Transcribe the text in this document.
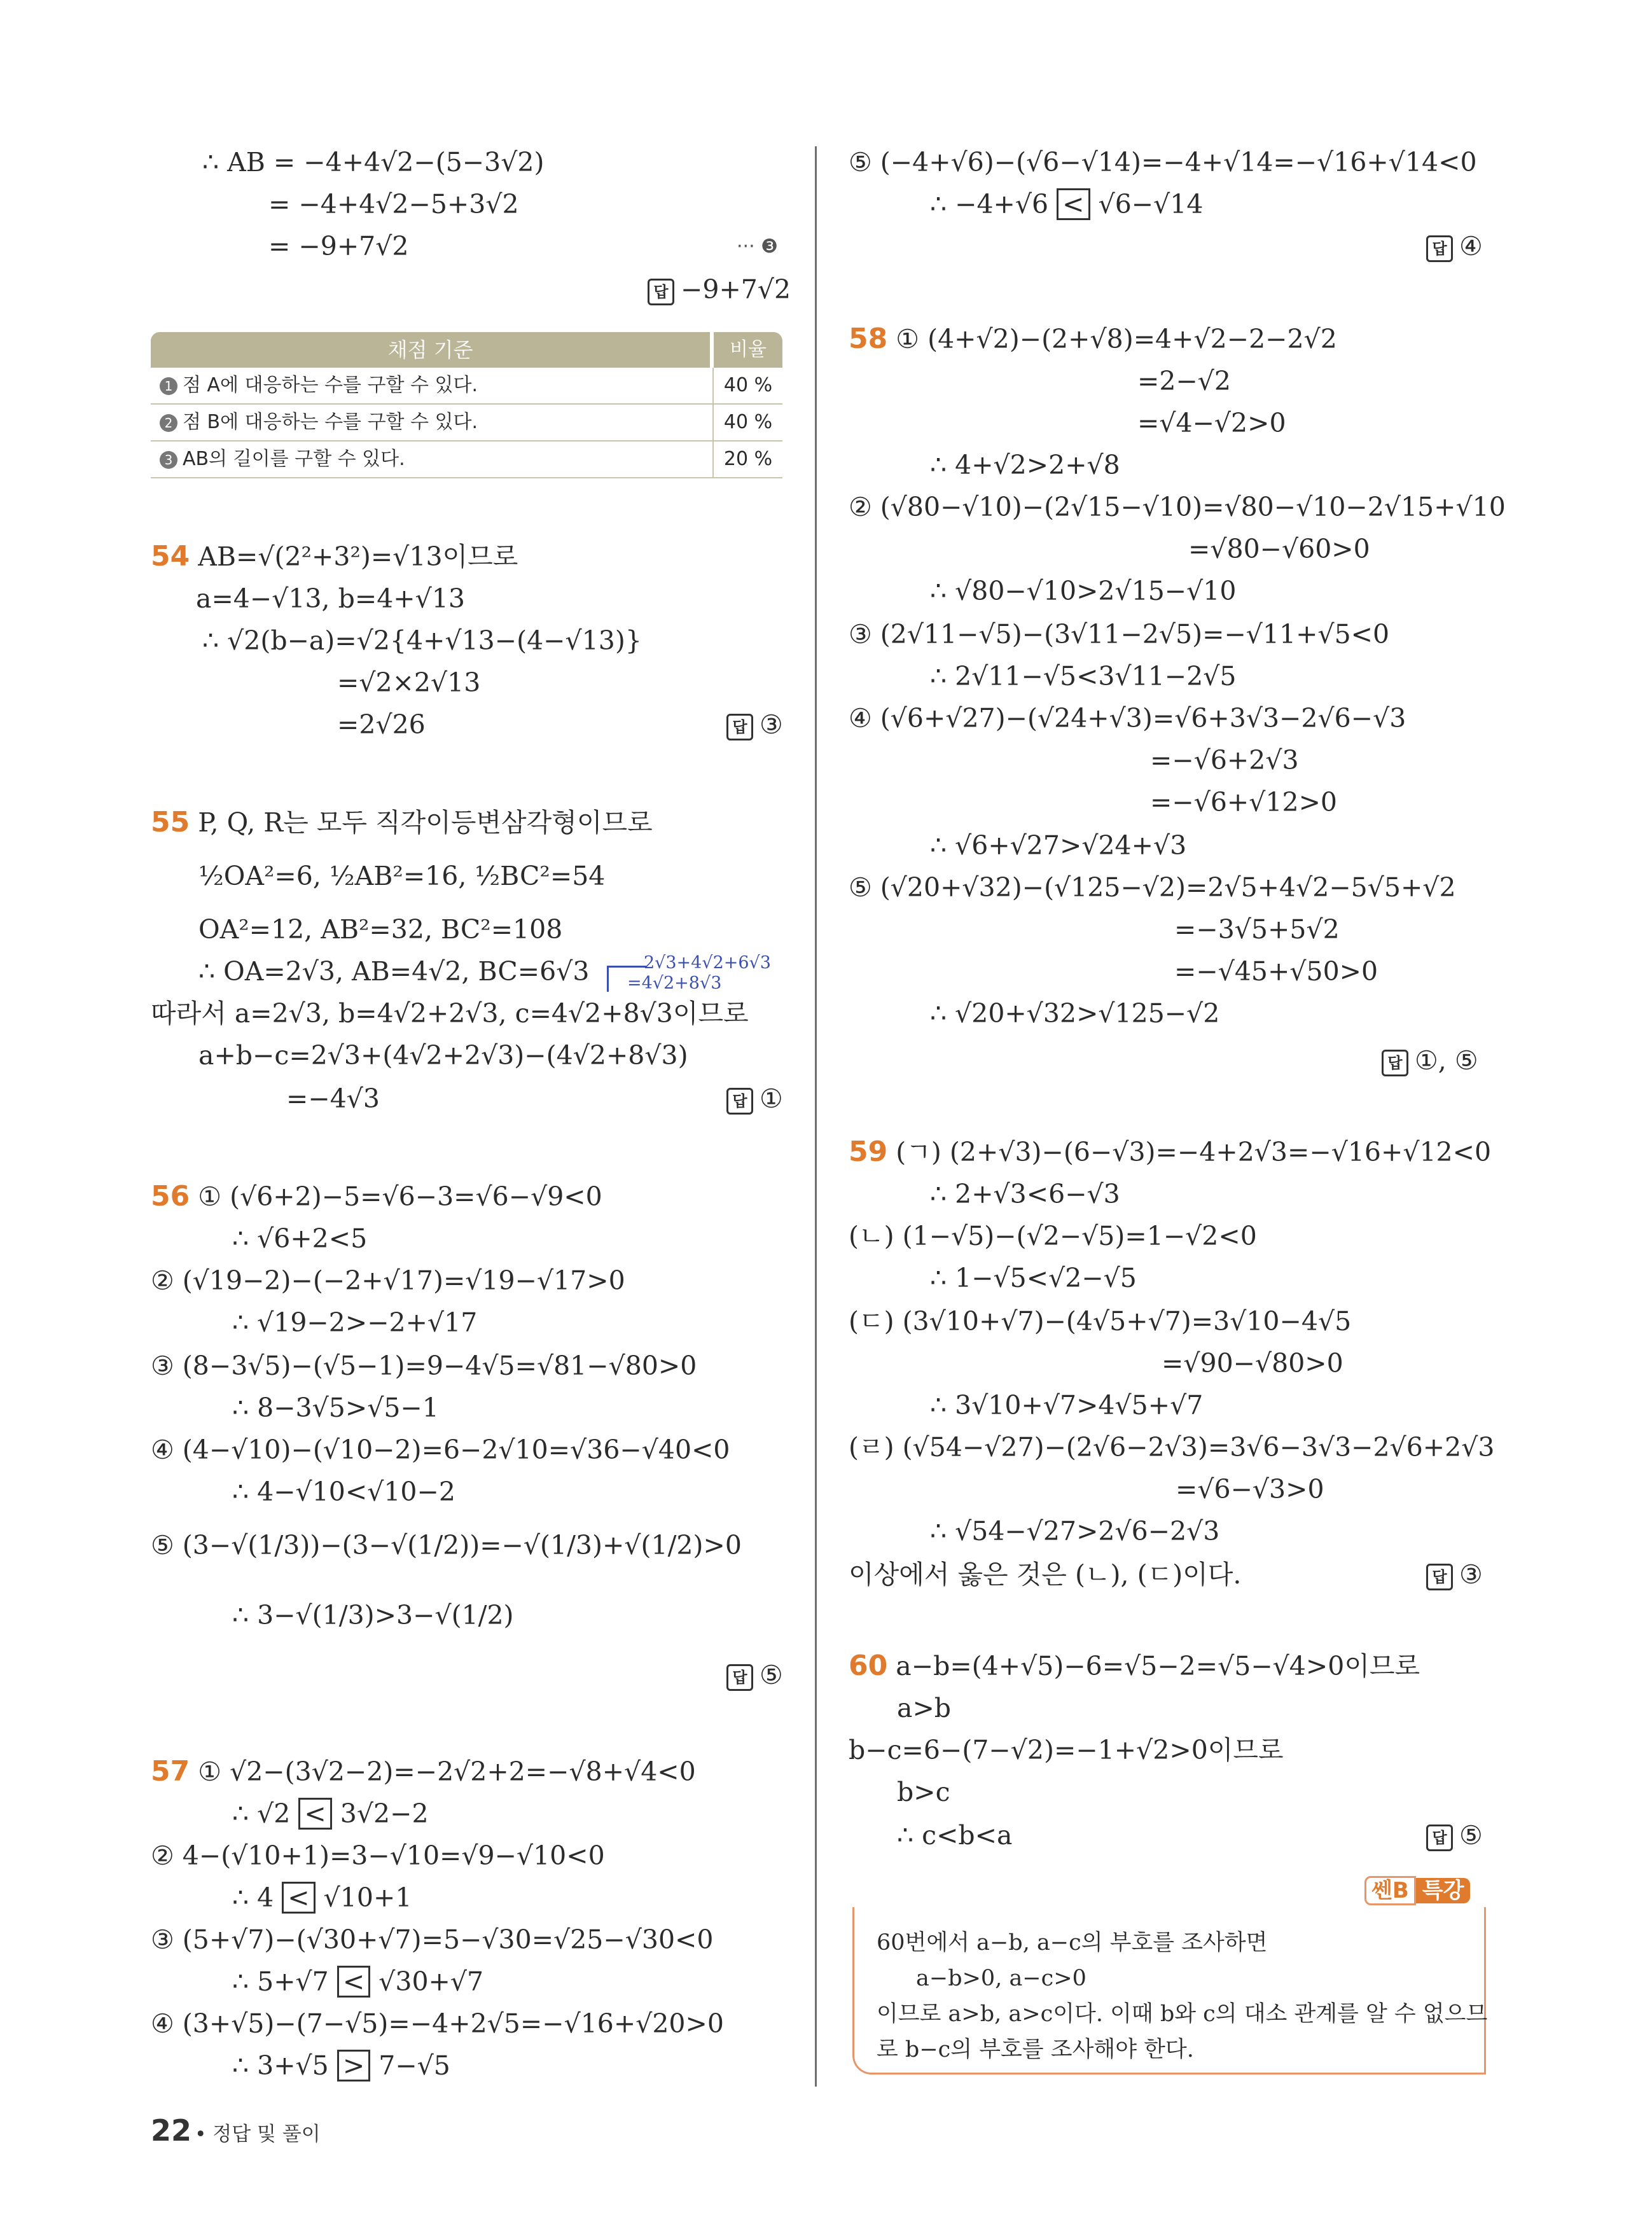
∴ AB = −4+4√2−(5−3√2)
= −4+4√2−5+3√2
= −9+7√2	··· ❸
답 −9+7√2
채점 기준	비율
1 점 A에 대응하는 수를 구할 수 있다.	40 %
2 점 B에 대응하는 수를 구할 수 있다.	40 %
3 AB의 길이를 구할 수 있다.	20 %
54 AB=√(2²+3²)=√13이므로
a=4−√13, b=4+√13
∴ √2(b−a)=√2{4+√13−(4−√13)}
=√2×2√13
=2√26	답 ③
55 P, Q, R는 모두 직각이등변삼각형이므로
½OA²=6, ½AB²=16, ½BC²=54
OA²=12, AB²=32, BC²=108
∴ OA=2√3, AB=4√2, BC=6√3	2√3+4√2+6√3
=4√2+8√3
따라서 a=2√3, b=4√2+2√3, c=4√2+8√3이므로
a+b−c=2√3+(4√2+2√3)−(4√2+8√3)
=−4√3	답 ①
56 ① (√6+2)−5=√6−3=√6−√9<0
∴ √6+2<5
② (√19−2)−(−2+√17)=√19−√17>0
∴ √19−2>−2+√17
③ (8−3√5)−(√5−1)=9−4√5=√81−√80>0
∴ 8−3√5>√5−1
④ (4−√10)−(√10−2)=6−2√10=√36−√40<0
∴ 4−√10<√10−2
⑤ (3−√(1/3))−(3−√(1/2))=−√(1/3)+√(1/2)>0
∴ 3−√(1/3)>3−√(1/2)
답 ⑤
57 ① √2−(3√2−2)=−2√2+2=−√8+√4<0
∴ √2 < 3√2−2
② 4−(√10+1)=3−√10=√9−√10<0
∴ 4 < √10+1
③ (5+√7)−(√30+√7)=5−√30=√25−√30<0
∴ 5+√7 < √30+√7
④ (3+√5)−(7−√5)=−4+2√5=−√16+√20>0
∴ 3+√5 > 7−√5
22 • 정답 및 풀이
⑤ (−4+√6)−(√6−√14)=−4+√14=−√16+√14<0
∴ −4+√6 < √6−√14
답 ④
58 ① (4+√2)−(2+√8)=4+√2−2−2√2
=2−√2
=√4−√2>0
∴ 4+√2>2+√8
② (√80−√10)−(2√15−√10)=√80−√10−2√15+√10
=√80−√60>0
∴ √80−√10>2√15−√10
③ (2√11−√5)−(3√11−2√5)=−√11+√5<0
∴ 2√11−√5<3√11−2√5
④ (√6+√27)−(√24+√3)=√6+3√3−2√6−√3
=−√6+2√3
=−√6+√12>0
∴ √6+√27>√24+√3
⑤ (√20+√32)−(√125−√2)=2√5+4√2−5√5+√2
=−3√5+5√2
=−√45+√50>0
∴ √20+√32>√125−√2
답 ①, ⑤
59 (ㄱ) (2+√3)−(6−√3)=−4+2√3=−√16+√12<0
∴ 2+√3<6−√3
(ㄴ) (1−√5)−(√2−√5)=1−√2<0
∴ 1−√5<√2−√5
(ㄷ) (3√10+√7)−(4√5+√7)=3√10−4√5
=√90−√80>0
∴ 3√10+√7>4√5+√7
(ㄹ) (√54−√27)−(2√6−2√3)=3√6−3√3−2√6+2√3
=√6−√3>0
∴ √54−√27>2√6−2√3
이상에서 옳은 것은 (ㄴ), (ㄷ)이다.	답 ③
60 a−b=(4+√5)−6=√5−2=√5−√4>0이므로
a>b
b−c=6−(7−√2)=−1+√2>0이므로
b>c
∴ c<b<a	답 ⑤
쎈B 특강
60번에서 a−b, a−c의 부호를 조사하면
a−b>0, a−c>0
이므로 a>b, a>c이다. 이때 b와 c의 대소 관계를 알 수 없으므
로 b−c의 부호를 조사해야 한다.
